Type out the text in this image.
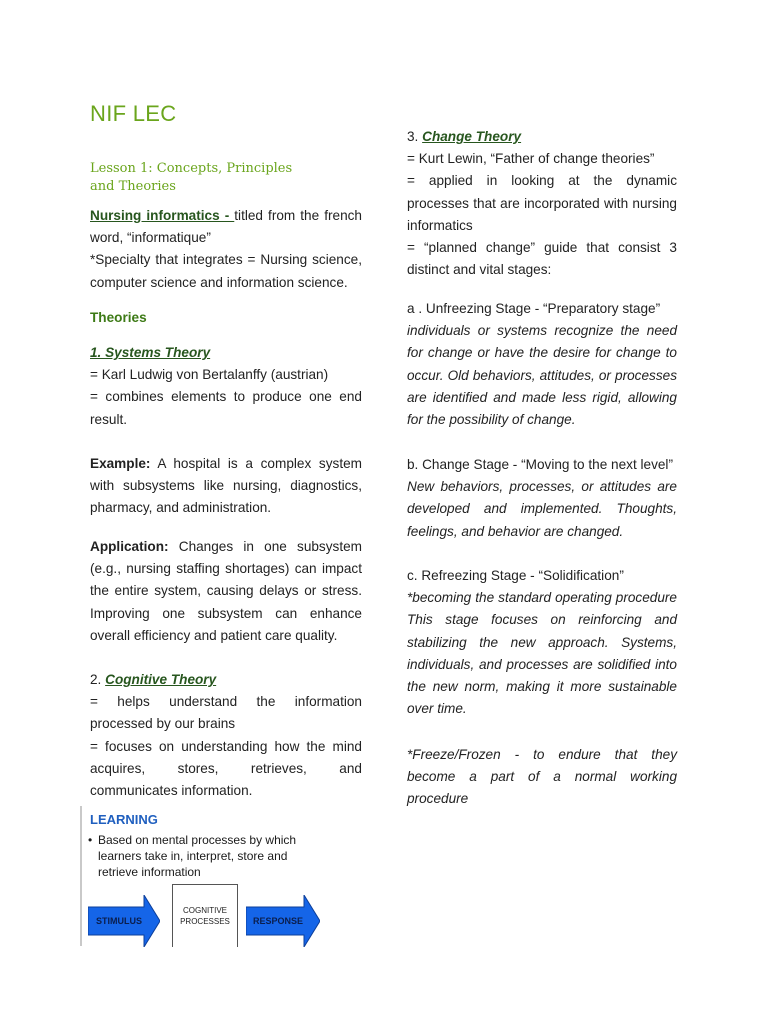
NIF LEC
Lesson 1: Concepts, Principles
and Theories

Nursing informatics - titled from the french word, “informatique”
*Specialty that integrates = Nursing science, computer science and information science.

Theories

1. Systems Theory
= Karl Ludwig von Bertalanffy (austrian)
= combines elements to produce one end result.

Example: A hospital is a complex system with subsystems like nursing, diagnostics, pharmacy, and administration.

Application: Changes in one subsystem (e.g., nursing staffing shortages) can impact the entire system, causing delays or stress. Improving one subsystem can enhance overall efficiency and patient care quality.

2. Cognitive Theory
= helps understand the information processed by our brains
= focuses on understanding how the mind acquires, stores, retrieves, and communicates information.

LEARNING
• Based on mental processes by which learners take in, interpret, store and retrieve information
STIMULUS
COGNITIVE
PROCESSES	RESPONSE

3. Change Theory
= Kurt Lewin, “Father of change theories”
= applied in looking at the dynamic processes that are incorporated with nursing informatics
= “planned change” guide that consist 3 distinct and vital stages:

a . Unfreezing Stage - “Preparatory stage”
individuals or systems recognize the need for change or have the desire for change to occur. Old behaviors, attitudes, or processes are identified and made less rigid, allowing for the possibility of change.

b. Change Stage - “Moving to the next level”
New behaviors, processes, or attitudes are developed and implemented. Thoughts, feelings, and behavior are changed.

c. Refreezing Stage - “Solidification”
*becoming the standard operating procedure This stage focuses on reinforcing and stabilizing the new approach. Systems, individuals, and processes are solidified into the new norm, making it more sustainable over time.

*Freeze/Frozen - to endure that they become a part of a normal working procedure
